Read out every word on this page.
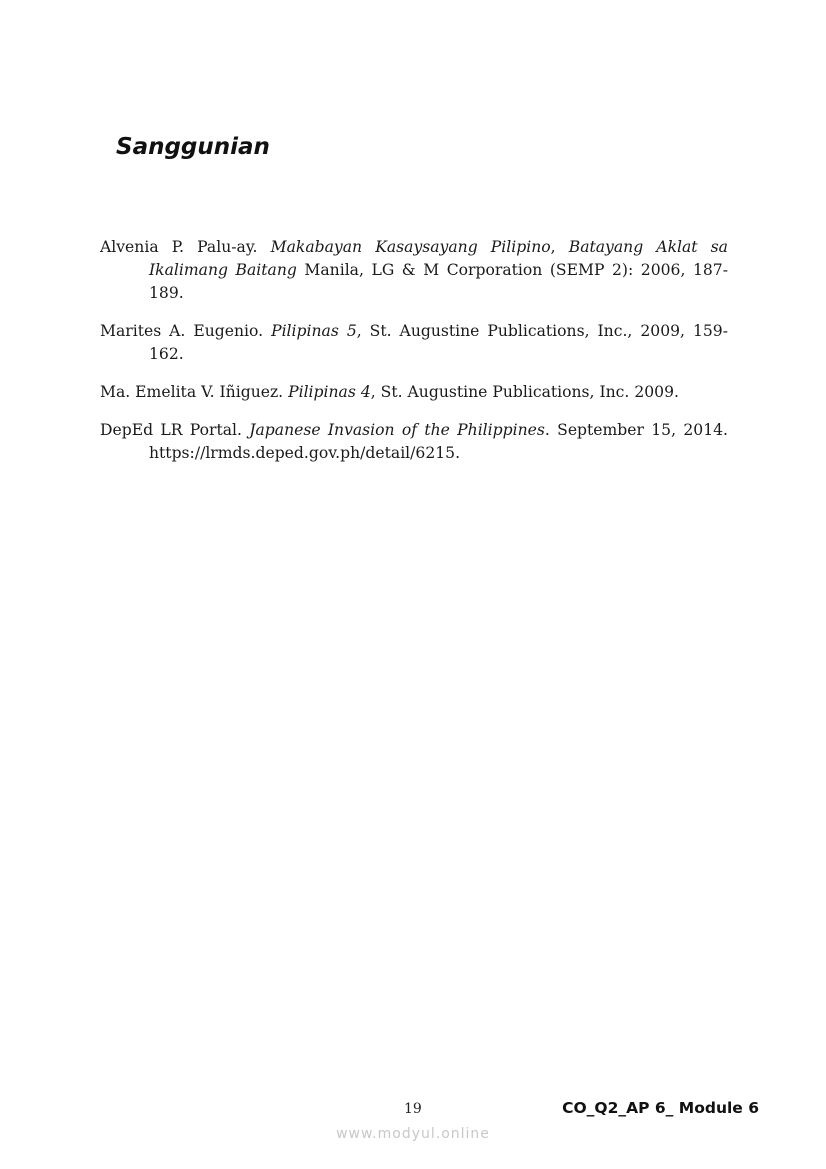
Sanggunian
Alvenia P. Palu-ay. Makabayan Kasaysayang Pilipino, Batayang Aklat sa Ikalimang Baitang Manila, LG & M Corporation (SEMP 2): 2006, 187-189.
Marites A. Eugenio. Pilipinas 5, St. Augustine Publications, Inc., 2009, 159-162.
Ma. Emelita V. Iñiguez. Pilipinas 4, St. Augustine Publications, Inc. 2009.
DepEd LR Portal. Japanese Invasion of the Philippines. September 15, 2014. https://lrmds.deped.gov.ph/detail/6215.
19	CO_Q2_AP 6_ Module 6
www.modyul.online
